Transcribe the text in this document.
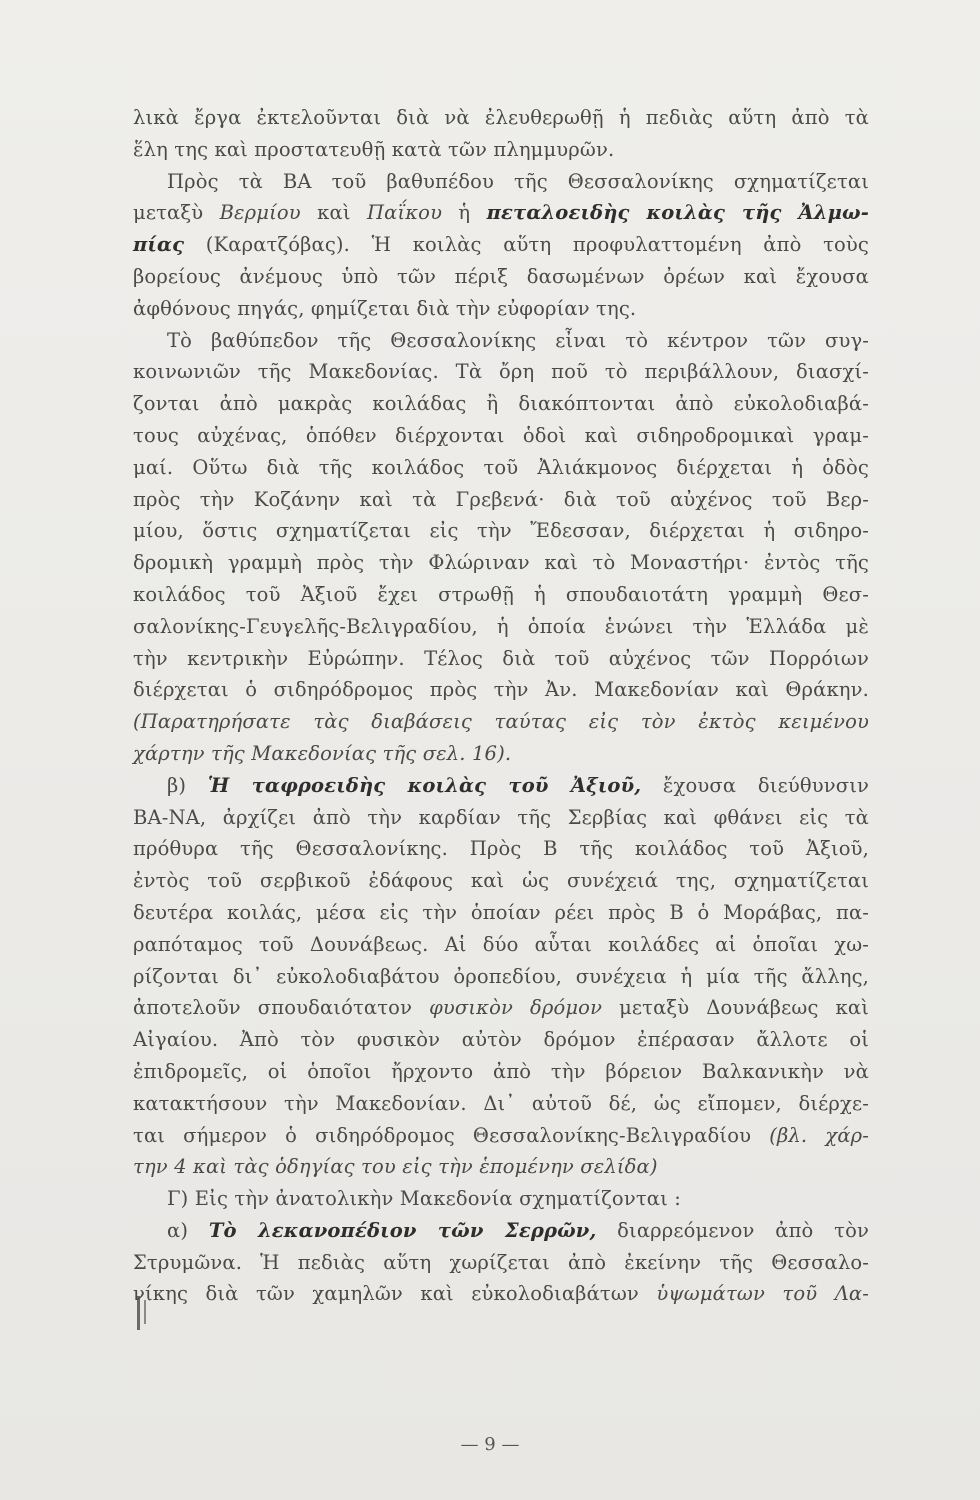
λικὰ ἔργα ἐκτελοῦνται διὰ νὰ ἐλευθερωθῇ ἡ πεδιὰς αὕτη ἀπὸ τὰ
ἕλη της καὶ προστατευθῇ κατὰ τῶν πλημμυρῶν.
Πρὸς τὰ ΒΑ τοῦ βαθυπέδου τῆς Θεσσαλονίκης σχηματίζεται
μεταξὺ Βερμίου καὶ Παΐκου ἡ πεταλοειδὴς κοιλὰς τῆς Ἀλμω-
πίας (Καρατζόβας). Ἡ κοιλὰς αὕτη προφυλαττομένη ἀπὸ τοὺς
βορείους ἀνέμους ὑπὸ τῶν πέριξ δασωμένων ὀρέων καὶ ἔχουσα
ἀφθόνους πηγάς, φημίζεται διὰ τὴν εὐφορίαν της.
Τὸ βαθύπεδον τῆς Θεσσαλονίκης εἶναι τὸ κέντρον τῶν συγ-
κοινωνιῶν τῆς Μακεδονίας. Τὰ ὄρη ποῦ τὸ περιβάλλουν, διασχί-
ζονται ἀπὸ μακρὰς κοιλάδας ἢ διακόπτονται ἀπὸ εὐκολοδιαβά-
τους αὐχένας, ὁπόθεν διέρχονται ὁδοὶ καὶ σιδηροδρομικαὶ γραμ-
μαί. Οὕτω διὰ τῆς κοιλάδος τοῦ Ἀλιάκμονος διέρχεται ἡ ὁδὸς
πρὸς τὴν Κοζάνην καὶ τὰ Γρεβενά· διὰ τοῦ αὐχένος τοῦ Βερ-
μίου, ὅστις σχηματίζεται εἰς τὴν Ἔδεσσαν, διέρχεται ἡ σιδηρο-
δρομικὴ γραμμὴ πρὸς τὴν Φλώριναν καὶ τὸ Μοναστήρι· ἐντὸς τῆς
κοιλάδος τοῦ Ἀξιοῦ ἔχει στρωθῇ ἡ σπουδαιοτάτη γραμμὴ Θεσ-
σαλονίκης-Γευγελῆς-Βελιγραδίου, ἡ ὁποία ἑνώνει τὴν Ἑλλάδα μὲ
τὴν κεντρικὴν Εὐρώπην. Τέλος διὰ τοῦ αὐχένος τῶν Πορρόιων
διέρχεται ὁ σιδηρόδρομος πρὸς τὴν Ἀν. Μακεδονίαν καὶ Θράκην.
(Παρατηρήσατε τὰς διαβάσεις ταύτας εἰς τὸν ἐκτὸς κειμένου
χάρτην τῆς Μακεδονίας τῆς σελ. 16).
β) Ἡ ταφροειδὴς κοιλὰς τοῦ Ἀξιοῦ, ἔχουσα διεύθυνσιν
ΒΑ-ΝΑ, ἀρχίζει ἀπὸ τὴν καρδίαν τῆς Σερβίας καὶ φθάνει εἰς τὰ
πρόθυρα τῆς Θεσσαλονίκης. Πρὸς Β τῆς κοιλάδος τοῦ Ἀξιοῦ,
ἐντὸς τοῦ σερβικοῦ ἐδάφους καὶ ὡς συνέχειά της, σχηματίζεται
δευτέρα κοιλάς, μέσα εἰς τὴν ὁποίαν ρέει πρὸς Β ὁ Μοράβας, πα-
ραπόταμος τοῦ Δουνάβεως. Αἱ δύο αὗται κοιλάδες αἱ ὁποῖαι χω-
ρίζονται δι᾽ εὐκολοδιαβάτου ὀροπεδίου, συνέχεια ἡ μία τῆς ἄλλης,
ἀποτελοῦν σπουδαιότατον φυσικὸν δρόμον μεταξὺ Δουνάβεως καὶ
Αἰγαίου. Ἀπὸ τὸν φυσικὸν αὐτὸν δρόμον ἐπέρασαν ἄλλοτε οἱ
ἐπιδρομεῖς, οἱ ὁποῖοι ἤρχοντο ἀπὸ τὴν βόρειον Βαλκανικὴν νὰ
κατακτήσουν τὴν Μακεδονίαν. Δι᾽ αὐτοῦ δέ, ὡς εἴπομεν, διέρχε-
ται σήμερον ὁ σιδηρόδρομος Θεσσαλονίκης-Βελιγραδίου (βλ. χάρ-
την 4 καὶ τὰς ὁδηγίας του εἰς τὴν ἑπομένην σελίδα)
Γ) Εἰς τὴν ἀνατολικὴν Μακεδονία σχηματίζονται :
α) Τὸ λεκανοπέδιον τῶν Σερρῶν, διαρρεόμενον ἀπὸ τὸν
Στρυμῶνα. Ἡ πεδιὰς αὕτη χωρίζεται ἀπὸ ἐκείνην τῆς Θεσσαλο-
νίκης διὰ τῶν χαμηλῶν καὶ εὐκολοδιαβάτων ὑψωμάτων τοῦ Λα-
— 9 —
